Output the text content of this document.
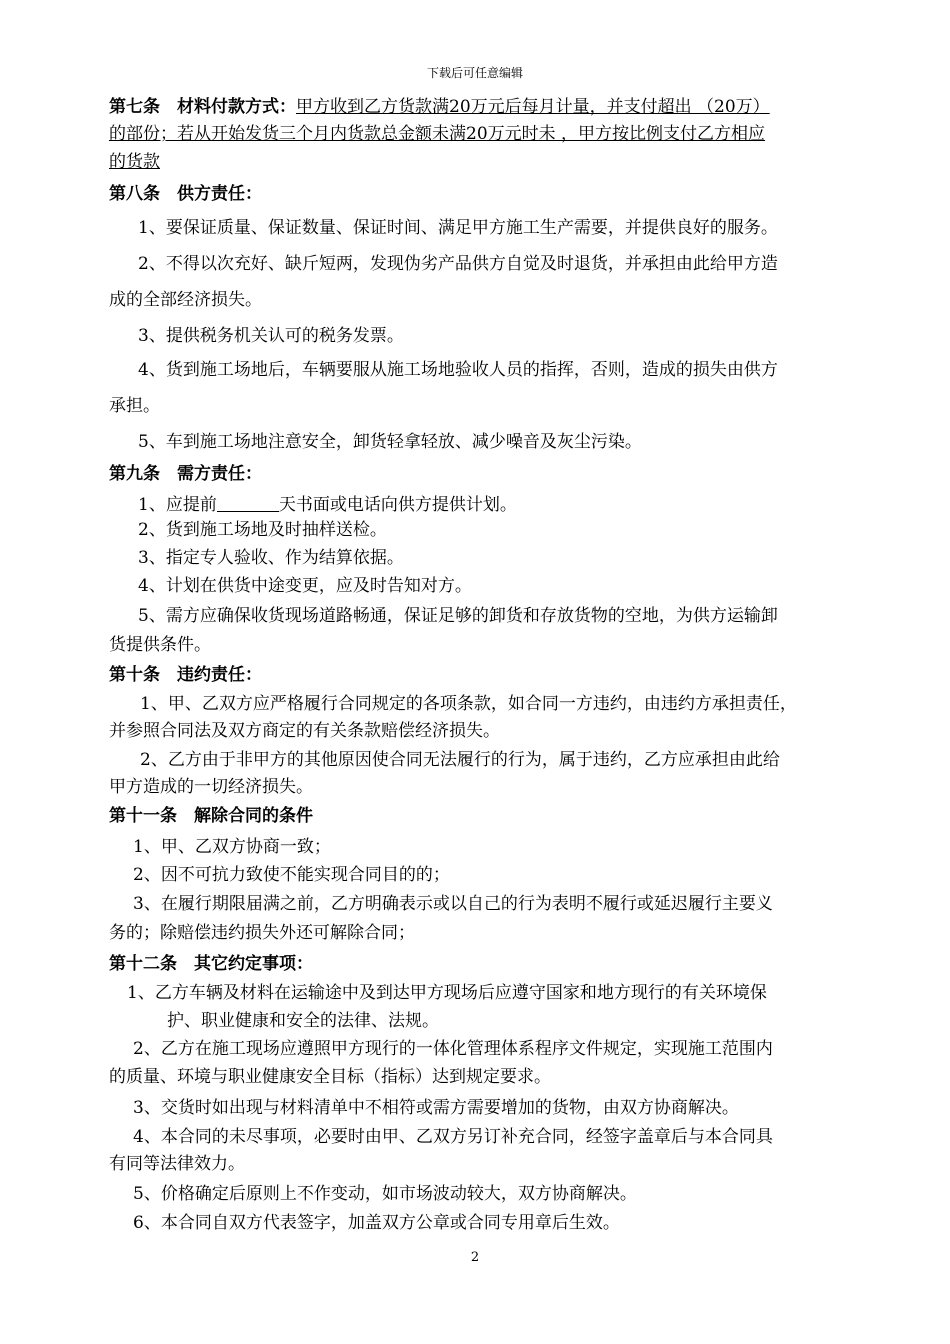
下载后可任意编辑
第七条　材料付款方式：甲方收到乙方货款满20万元后每月计量，并支付超出 （20万）
的部份；若从开始发货三个月内货款总金额未满20万元时未 ，甲方按比例支付乙方相应
的货款
第八条　供方责任：
1、要保证质量、保证数量、保证时间、满足甲方施工生产需要，并提供良好的服务。
2、不得以次充好、缺斤短两，发现伪劣产品供方自觉及时退货，并承担由此给甲方造
成的全部经济损失。
3、提供税务机关认可的税务发票。
4、货到施工场地后，车辆要服从施工场地验收人员的指挥，否则，造成的损失由供方
承担。
5、车到施工场地注意安全，卸货轻拿轻放、减少噪音及灰尘污染。
第九条　需方责任：
1、应提前	天书面或电话向供方提供计划。
2、货到施工场地及时抽样送检。
3、指定专人验收、作为结算依据。
4、计划在供货中途变更，应及时告知对方。
5、需方应确保收货现场道路畅通，保证足够的卸货和存放货物的空地，为供方运输卸
货提供条件。
第十条　违约责任：
1、甲、乙双方应严格履行合同规定的各项条款，如合同一方违约，由违约方承担责任，
并参照合同法及双方商定的有关条款赔偿经济损失。
2、乙方由于非甲方的其他原因使合同无法履行的行为，属于违约，乙方应承担由此给
甲方造成的一切经济损失。
第十一条　解除合同的条件
1、甲、乙双方协商一致；
2、因不可抗力致使不能实现合同目的的；
3、在履行期限届满之前，乙方明确表示或以自己的行为表明不履行或延迟履行主要义
务的；除赔偿违约损失外还可解除合同；
第十二条　其它约定事项：
1、乙方车辆及材料在运输途中及到达甲方现场后应遵守国家和地方现行的有关环境保
护、职业健康和安全的法律、法规。
2、乙方在施工现场应遵照甲方现行的一体化管理体系程序文件规定，实现施工范围内
的质量、环境与职业健康安全目标（指标）达到规定要求。
3、交货时如出现与材料清单中不相符或需方需要增加的货物，由双方协商解决。
4、本合同的未尽事项，必要时由甲、乙双方另订补充合同，经签字盖章后与本合同具
有同等法律效力。
5、价格确定后原则上不作变动，如市场波动较大，双方协商解决。
6、本合同自双方代表签字，加盖双方公章或合同专用章后生效。
2
